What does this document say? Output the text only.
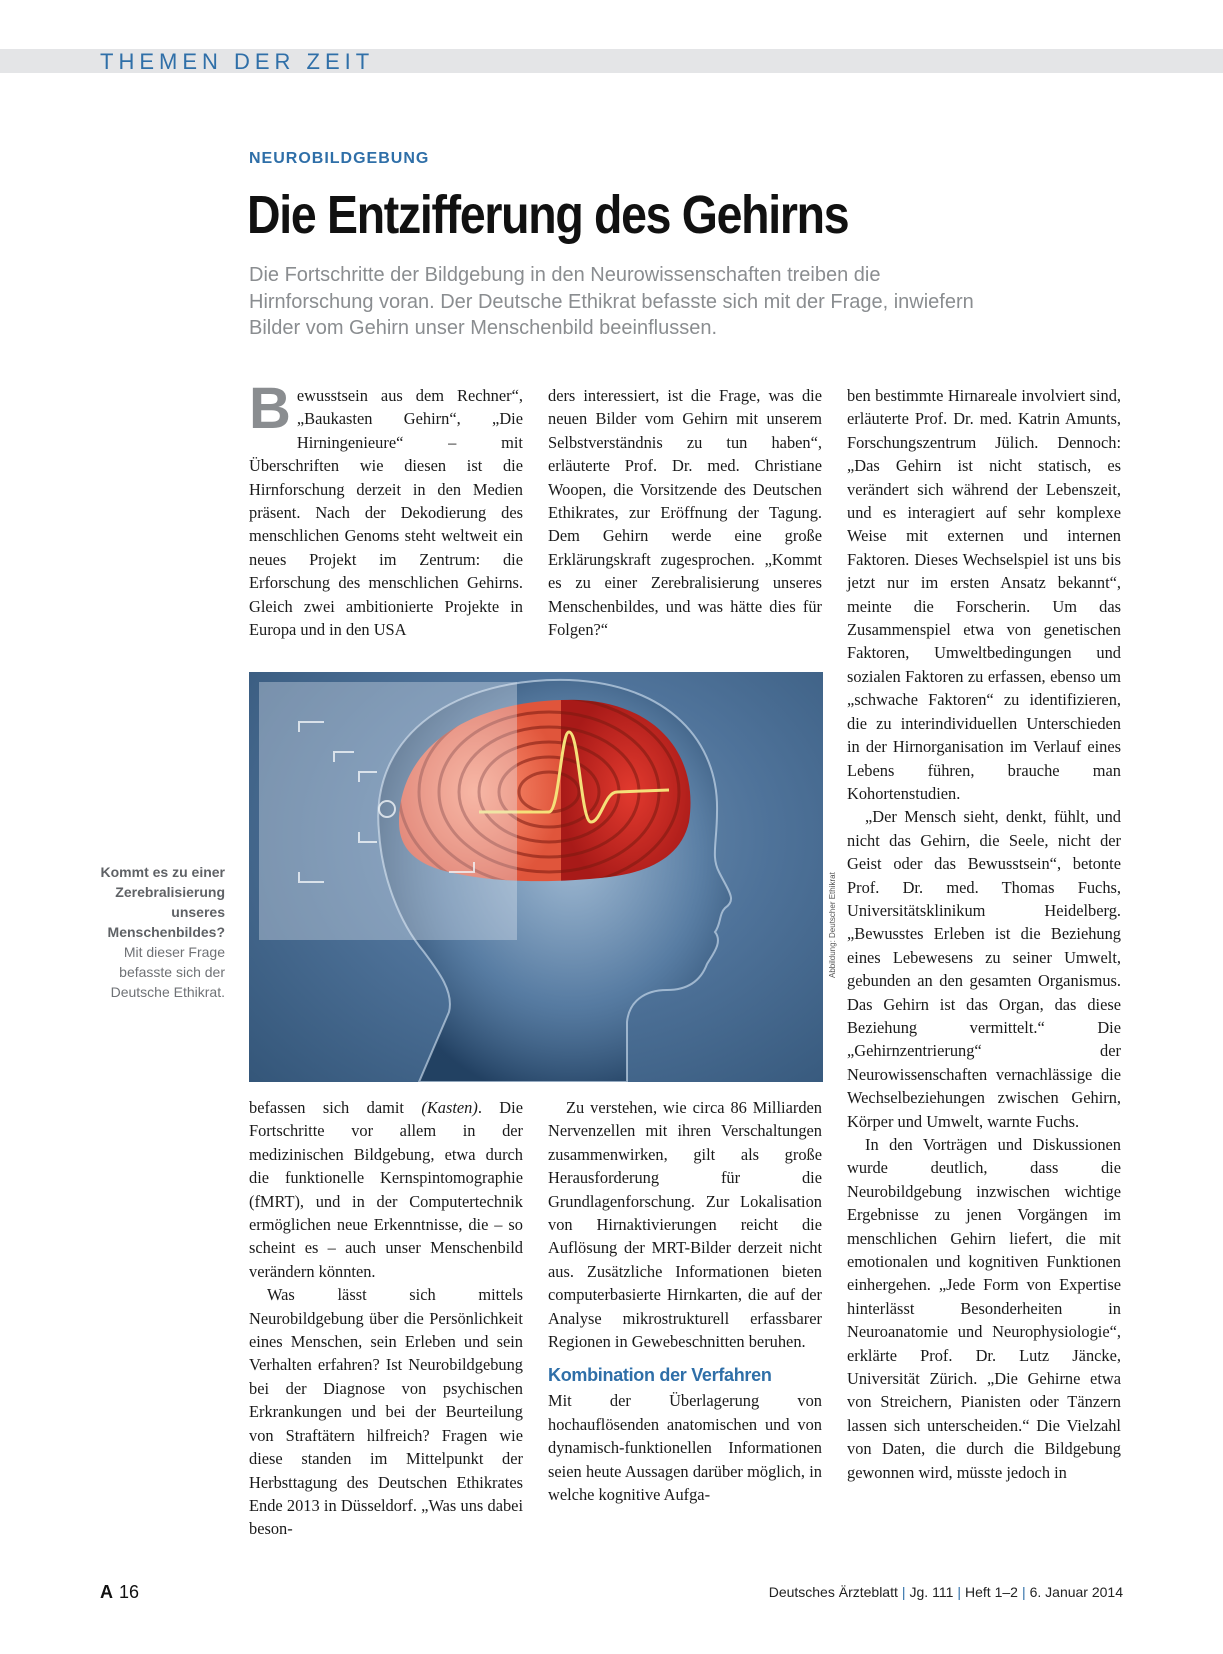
THEMEN DER ZEIT
NEUROBILDGEBUNG
Die Entzifferung des Gehirns
Die Fortschritte der Bildgebung in den Neurowissenschaften treiben die Hirnforschung voran. Der Deutsche Ethikrat befasste sich mit der Frage, inwiefern Bilder vom Gehirn unser Menschenbild beeinflussen.

Bewusstsein aus dem Rechner“, „Baukasten Gehirn“, „Die Hirningenieure“ – mit Überschriften wie diesen ist die Hirnforschung derzeit in den Medien präsent. Nach der Dekodierung des menschlichen Genoms steht weltweit ein neues Projekt im Zentrum: die Erforschung des menschlichen Gehirns. Gleich zwei ambitionierte Projekte in Europa und in den USA

ders interessiert, ist die Frage, was die neuen Bilder vom Gehirn mit unserem Selbstverständnis zu tun haben“, erläuterte Prof. Dr. med. Christiane Woopen, die Vorsitzende des Deutschen Ethikrates, zur Eröffnung der Tagung. Dem Gehirn werde eine große Erklärungskraft zugesprochen. „Kommt es zu einer Zerebralisierung unseres Menschenbildes, und was hätte dies für Folgen?“

Abbildung: Deutscher Ethikrat
Kommt es zu einer Zerebralisierung unseres Menschenbildes?
Mit dieser Frage befasste sich der Deutsche Ethikrat.

befassen sich damit (Kasten). Die Fortschritte vor allem in der medizinischen Bildgebung, etwa durch die funktionelle Kernspintomographie (fMRT), und in der Computertechnik ermöglichen neue Erkenntnisse, die – so scheint es – auch unser Menschenbild verändern könnten.

Was lässt sich mittels Neurobildgebung über die Persönlichkeit eines Menschen, sein Erleben und sein Verhalten erfahren? Ist Neurobildgebung bei der Diagnose von psychischen Erkrankungen und bei der Beurteilung von Straftätern hilfreich? Fragen wie diese standen im Mittelpunkt der Herbsttagung des Deutschen Ethikrates Ende 2013 in Düsseldorf. „Was uns dabei beson-

Zu verstehen, wie circa 86 Milliarden Nervenzellen mit ihren Verschaltungen zusammenwirken, gilt als große Herausforderung für die Grundlagenforschung. Zur Lokalisation von Hirnaktivierungen reicht die Auflösung der MRT-Bilder derzeit nicht aus. Zusätzliche Informationen bieten computerbasierte Hirnkarten, die auf der Analyse mikrostrukturell erfassbarer Regionen in Gewebeschnitten beruhen.

Kombination der Verfahren

Mit der Überlagerung von hochauflösenden anatomischen und von dynamisch-funktionellen Informationen seien heute Aussagen darüber möglich, in welche kognitive Aufga-

ben bestimmte Hirnareale involviert sind, erläuterte Prof. Dr. med. Katrin Amunts, Forschungszentrum Jülich. Dennoch: „Das Gehirn ist nicht statisch, es verändert sich während der Lebenszeit, und es interagiert auf sehr komplexe Weise mit externen und internen Faktoren. Dieses Wechselspiel ist uns bis jetzt nur im ersten Ansatz bekannt“, meinte die Forscherin. Um das Zusammenspiel etwa von genetischen Faktoren, Umweltbedingungen und sozialen Faktoren zu erfassen, ebenso um „schwache Faktoren“ zu identifizieren, die zu interindividuellen Unterschieden in der Hirnorganisation im Verlauf eines Lebens führen, brauche man Kohortenstudien.

„Der Mensch sieht, denkt, fühlt, und nicht das Gehirn, die Seele, nicht der Geist oder das Bewusstsein“, betonte Prof. Dr. med. Thomas Fuchs, Universitätsklinikum Heidelberg. „Bewusstes Erleben ist die Beziehung eines Lebewesens zu seiner Umwelt, gebunden an den gesamten Organismus. Das Gehirn ist das Organ, das diese Beziehung vermittelt.“ Die „Gehirnzentrierung“ der Neurowissenschaften vernachlässige die Wechselbeziehungen zwischen Gehirn, Körper und Umwelt, warnte Fuchs.

In den Vorträgen und Diskussionen wurde deutlich, dass die Neurobildgebung inzwischen wichtige Ergebnisse zu jenen Vorgängen im menschlichen Gehirn liefert, die mit emotionalen und kognitiven Funktionen einhergehen. „Jede Form von Expertise hinterlässt Besonderheiten in Neuroanatomie und Neurophysiologie“, erklärte Prof. Dr. Lutz Jäncke, Universität Zürich. „Die Gehirne etwa von Streichern, Pianisten oder Tänzern lassen sich unterscheiden.“ Die Vielzahl von Daten, die durch die Bildgebung gewonnen wird, müsste jedoch in

A 16	Deutsches Ärzteblatt | Jg. 111 | Heft 1–2 | 6. Januar 2014
